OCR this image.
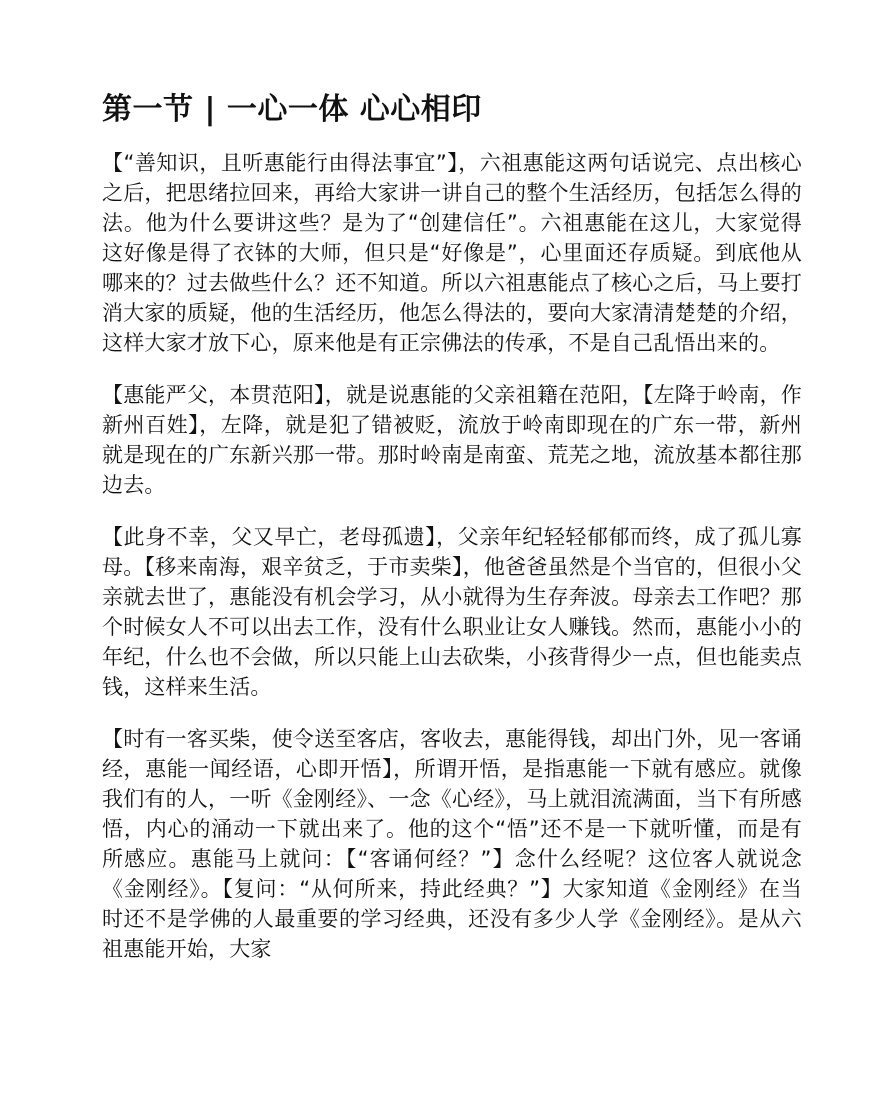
第一节 | 一心一体 心心相印

【“善知识，且听惠能行由得法事宜”】，六祖惠能这两句话说完、点出核心之后，把思绪拉回来，再给大家讲一讲自己的整个生活经历，包括怎么得的法。他为什么要讲这些？是为了“创建信任”。六祖惠能在这儿，大家觉得这好像是得了衣钵的大师，但只是“好像是”，心里面还存质疑。到底他从哪来的？过去做些什么？还不知道。所以六祖惠能点了核心之后，马上要打消大家的质疑，他的生活经历，他怎么得法的，要向大家清清楚楚的介绍，这样大家才放下心，原来他是有正宗佛法的传承，不是自己乱悟出来的。

【惠能严父，本贯范阳】，就是说惠能的父亲祖籍在范阳，【左降于岭南，作新州百姓】，左降，就是犯了错被贬，流放于岭南即现在的广东一带，新州就是现在的广东新兴那一带。那时岭南是南蛮、荒芜之地，流放基本都往那边去。

【此身不幸，父又早亡，老母孤遗】，父亲年纪轻轻郁郁而终，成了孤儿寡母。【移来南海，艰辛贫乏，于市卖柴】，他爸爸虽然是个当官的，但很小父亲就去世了，惠能没有机会学习，从小就得为生存奔波。母亲去工作吧？那个时候女人不可以出去工作，没有什么职业让女人赚钱。然而，惠能小小的年纪，什么也不会做，所以只能上山去砍柴，小孩背得少一点，但也能卖点钱，这样来生活。

【时有一客买柴，使令送至客店，客收去，惠能得钱，却出门外，见一客诵经，惠能一闻经语，心即开悟】，所谓开悟，是指惠能一下就有感应。就像我们有的人，一听《金刚经》、一念《心经》，马上就泪流满面，当下有所感悟，内心的涌动一下就出来了。他的这个“悟”还不是一下就听懂，而是有所感应。惠能马上就问：【“客诵何经？”】念什么经呢？这位客人就说念《金刚经》。【复问：“从何所来，持此经典？”】大家知道《金刚经》在当时还不是学佛的人最重要的学习经典，还没有多少人学《金刚经》。是从六祖惠能开始，大家
